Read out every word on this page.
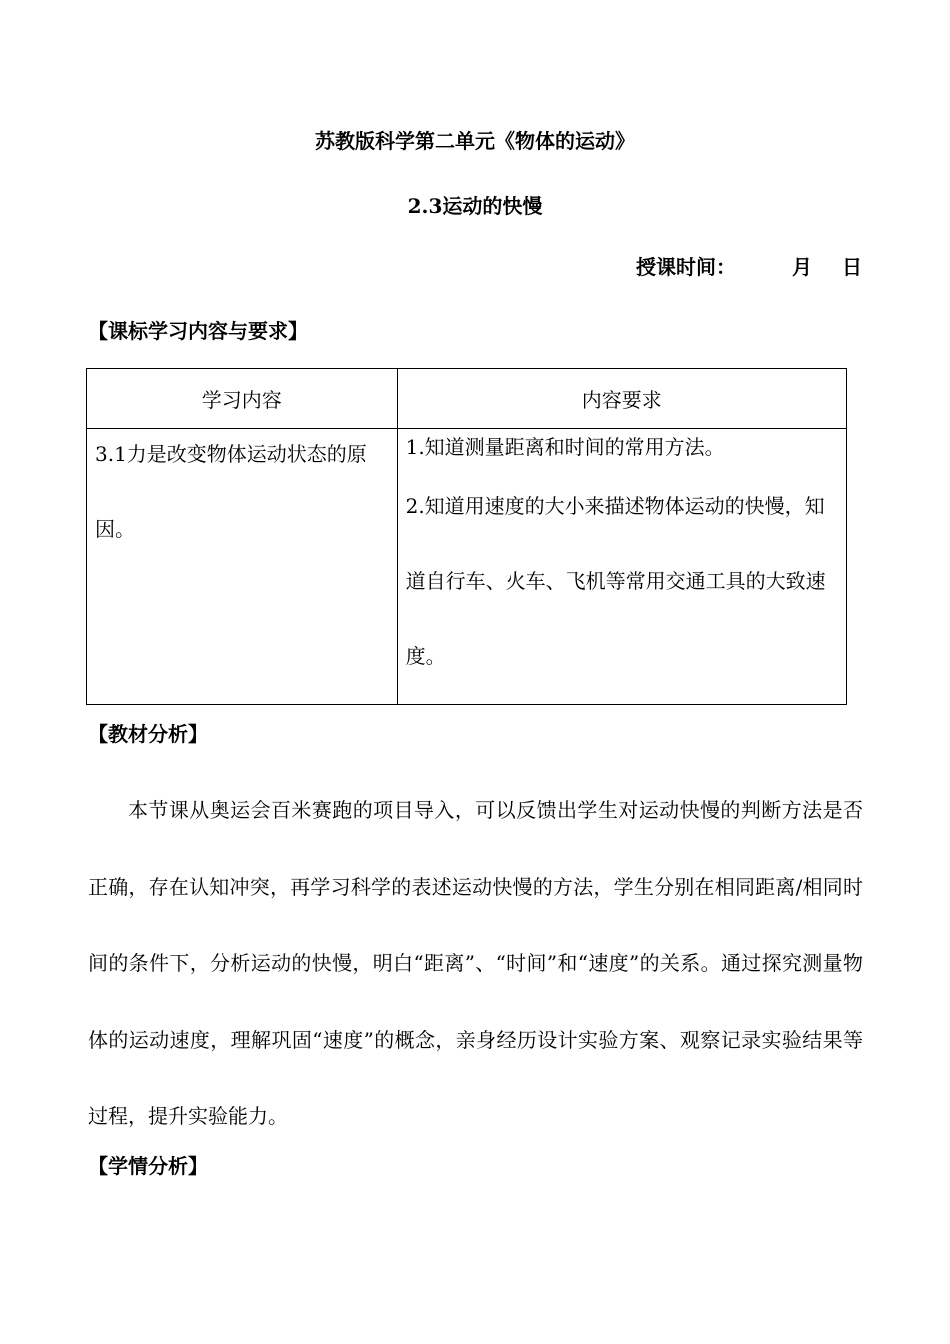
苏教版科学第二单元《物体的运动》
2.3运动的快慢
授课时间：	月 日
【课标学习内容与要求】
学习内容	内容要求

3.1力是改变物体运动状态的原因。	1.知道测量距离和时间的常用方法。

2.知道用速度的大小来描述物体运动的快慢，知道自行车、火车、飞机等常用交通工具的大致速度。

【教材分析】

本节课从奥运会百米赛跑的项目导入，可以反馈出学生对运动快慢的判断方法是否正确，存在认知冲突，再学习科学的表述运动快慢的方法，学生分别在相同距离/相同时间的条件下，分析运动的快慢，明白“距离”、“时间”和“速度”的关系。通过探究测量物体的运动速度，理解巩固“速度”的概念，亲身经历设计实验方案、观察记录实验结果等过程，提升实验能力。

【学情分析】
